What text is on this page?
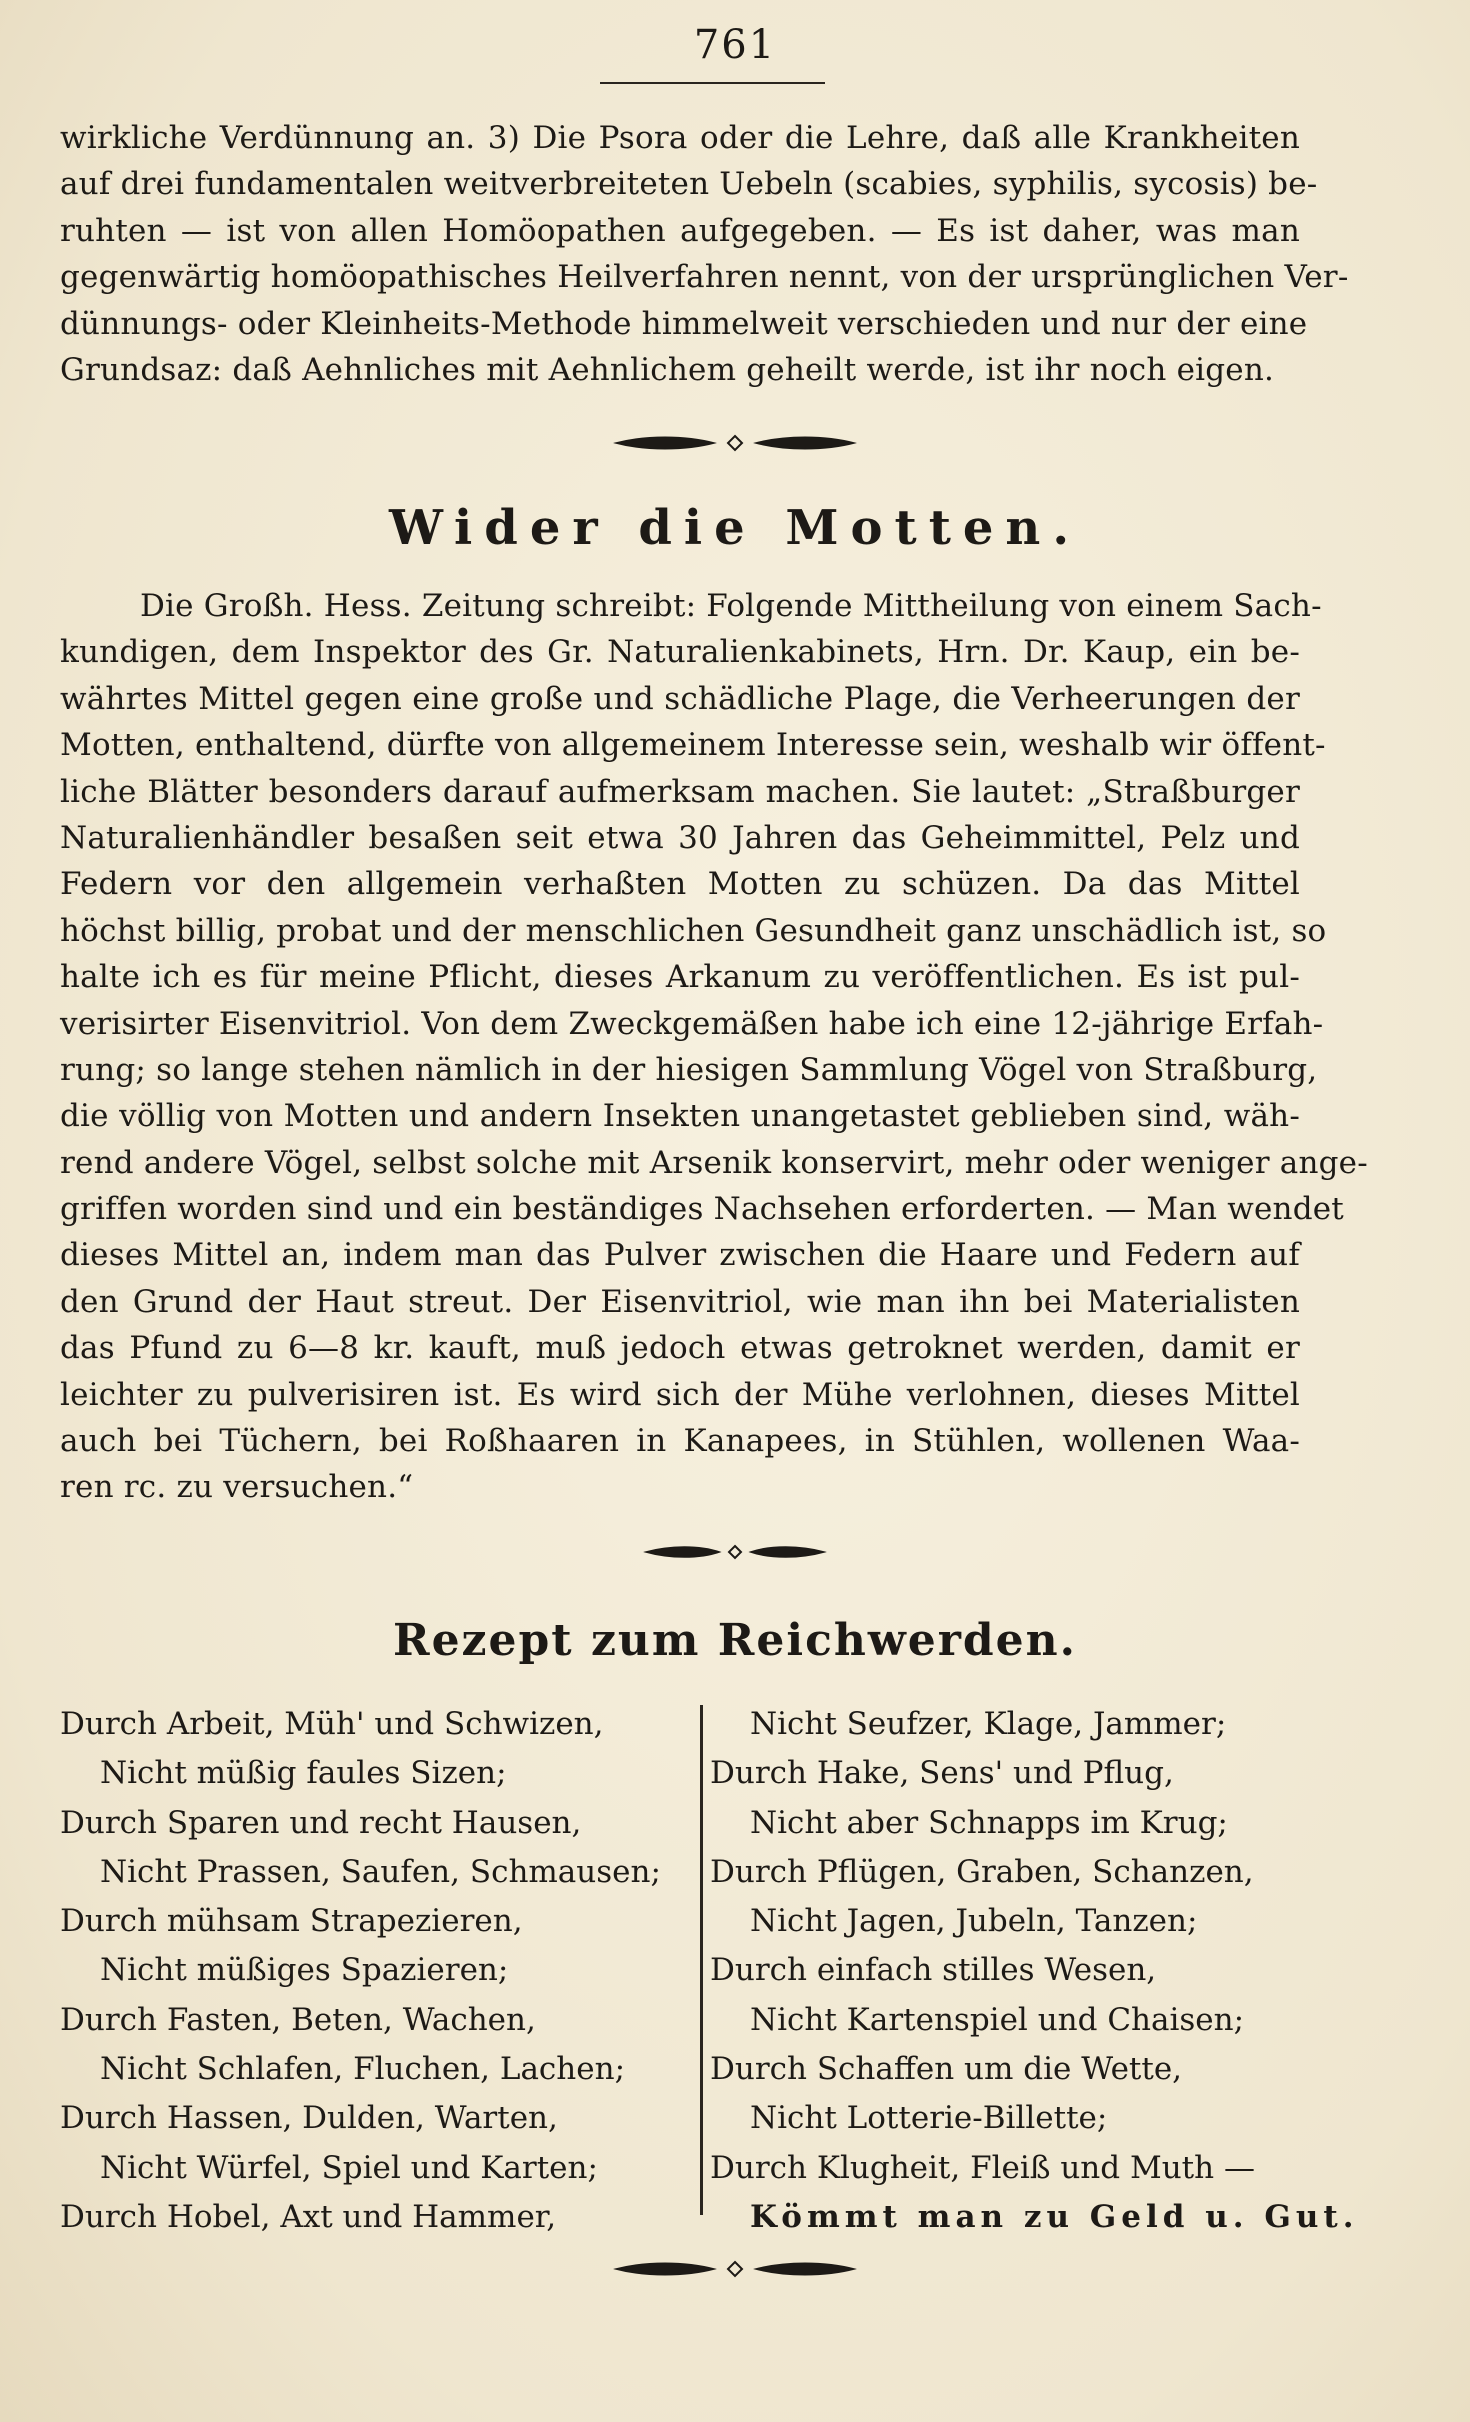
761
wirkliche Verdünnung an. 3) Die Psora oder die Lehre, daß alle Krankheiten
auf drei fundamentalen weitverbreiteten Uebeln (scabies, syphilis, sycosis) be-
ruhten — ist von allen Homöopathen aufgegeben. — Es ist daher, was man
gegenwärtig homöopathisches Heilverfahren nennt, von der ursprünglichen Ver-
dünnungs- oder Kleinheits-Methode himmelweit verschieden und nur der eine
Grundsaz: daß Aehnliches mit Aehnlichem geheilt werde, ist ihr noch eigen.
Wider die Motten.
Die Großh. Hess. Zeitung schreibt: Folgende Mittheilung von einem Sach-
kundigen, dem Inspektor des Gr. Naturalienkabinets, Hrn. Dr. Kaup, ein be-
währtes Mittel gegen eine große und schädliche Plage, die Verheerungen der
Motten, enthaltend, dürfte von allgemeinem Interesse sein, weshalb wir öffent-
liche Blätter besonders darauf aufmerksam machen. Sie lautet: „Straßburger
Naturalienhändler besaßen seit etwa 30 Jahren das Geheimmittel, Pelz und
Federn vor den allgemein verhaßten Motten zu schüzen. Da das Mittel
höchst billig, probat und der menschlichen Gesundheit ganz unschädlich ist, so
halte ich es für meine Pflicht, dieses Arkanum zu veröffentlichen. Es ist pul-
verisirter Eisenvitriol. Von dem Zweckgemäßen habe ich eine 12-jährige Erfah-
rung; so lange stehen nämlich in der hiesigen Sammlung Vögel von Straßburg,
die völlig von Motten und andern Insekten unangetastet geblieben sind, wäh-
rend andere Vögel, selbst solche mit Arsenik konservirt, mehr oder weniger ange-
griffen worden sind und ein beständiges Nachsehen erforderten. — Man wendet
dieses Mittel an, indem man das Pulver zwischen die Haare und Federn auf
den Grund der Haut streut. Der Eisenvitriol, wie man ihn bei Materialisten
das Pfund zu 6—8 kr. kauft, muß jedoch etwas getroknet werden, damit er
leichter zu pulverisiren ist. Es wird sich der Mühe verlohnen, dieses Mittel
auch bei Tüchern, bei Roßhaaren in Kanapees, in Stühlen, wollenen Waa-
ren rc. zu versuchen.“
Rezept zum Reichwerden.
Durch Arbeit, Müh' und Schwizen,
Nicht müßig faules Sizen;
Durch Sparen und recht Hausen,
Nicht Prassen, Saufen, Schmausen;
Durch mühsam Strapezieren,
Nicht müßiges Spazieren;
Durch Fasten, Beten, Wachen,
Nicht Schlafen, Fluchen, Lachen;
Durch Hassen, Dulden, Warten,
Nicht Würfel, Spiel und Karten;
Durch Hobel, Axt und Hammer,
Nicht Seufzer, Klage, Jammer;
Durch Hake, Sens' und Pflug,
Nicht aber Schnapps im Krug;
Durch Pflügen, Graben, Schanzen,
Nicht Jagen, Jubeln, Tanzen;
Durch einfach stilles Wesen,
Nicht Kartenspiel und Chaisen;
Durch Schaffen um die Wette,
Nicht Lotterie-Billette;
Durch Klugheit, Fleiß und Muth —
Kömmt man zu Geld u. Gut.
